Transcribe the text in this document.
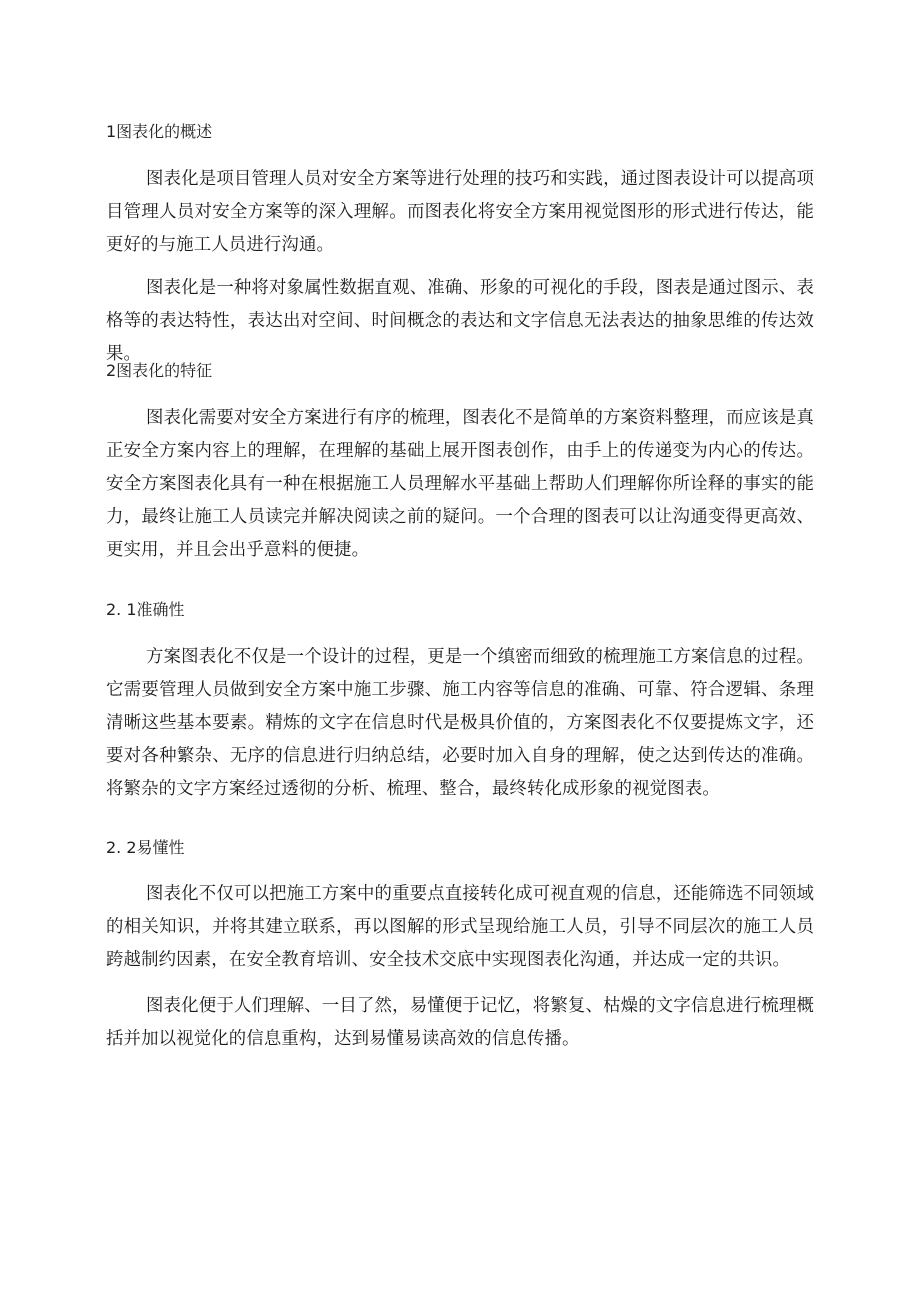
1图表化的概述

图表化是项目管理人员对安全方案等进行处理的技巧和实践，通过图表设计可以提高项目管理人员对安全方案等的深入理解。而图表化将安全方案用视觉图形的形式进行传达，能更好的与施工人员进行沟通。

图表化是一种将对象属性数据直观、准确、形象的可视化的手段，图表是通过图示、表格等的表达特性，表达出对空间、时间概念的表达和文字信息无法表达的抽象思维的传达效果。

2图表化的特征

图表化需要对安全方案进行有序的梳理，图表化不是简单的方案资料整理，而应该是真正安全方案内容上的理解，在理解的基础上展开图表创作，由手上的传递变为内心的传达。安全方案图表化具有一种在根据施工人员理解水平基础上帮助人们理解你所诠释的事实的能力，最终让施工人员读完并解决阅读之前的疑问。一个合理的图表可以让沟通变得更高效、更实用，并且会出乎意料的便捷。

2. 1准确性

方案图表化不仅是一个设计的过程，更是一个缜密而细致的梳理施工方案信息的过程。它需要管理人员做到安全方案中施工步骤、施工内容等信息的准确、可靠、符合逻辑、条理清晰这些基本要素。精炼的文字在信息时代是极具价值的，方案图表化不仅要提炼文字，还要对各种繁杂、无序的信息进行归纳总结，必要时加入自身的理解，使之达到传达的准确。将繁杂的文字方案经过透彻的分析、梳理、整合，最终转化成形象的视觉图表。

2. 2易懂性

图表化不仅可以把施工方案中的重要点直接转化成可视直观的信息，还能筛选不同领域的相关知识，并将其建立联系，再以图解的形式呈现给施工人员，引导不同层次的施工人员跨越制约因素，在安全教育培训、安全技术交底中实现图表化沟通，并达成一定的共识。

图表化便于人们理解、一目了然，易懂便于记忆，将繁复、枯燥的文字信息进行梳理概括并加以视觉化的信息重构，达到易懂易读高效的信息传播。
